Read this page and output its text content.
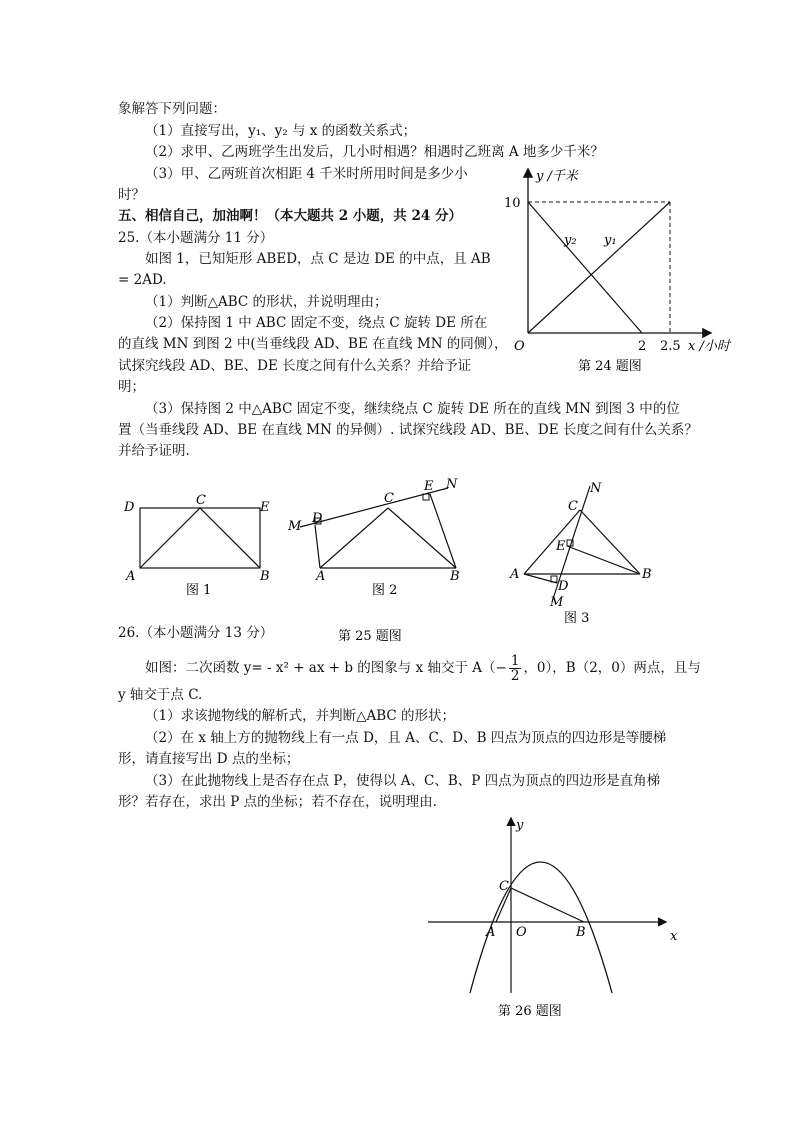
象解答下列问题：
（1）直接写出，y₁、y₂ 与 x 的函数关系式；
（2）求甲、乙两班学生出发后，几小时相遇？相遇时乙班离 A 地多少千米？
（3）甲、乙两班首次相距 4 千米时所用时间是多少小
时？
五、相信自己，加油啊！（本大题共 2 小题，共 24 分）
25.（本小题满分 11 分）
如图 1，已知矩形 ABED，点 C 是边 DE 的中点，且 AB
= 2AD.
（1）判断△ABC 的形状，并说明理由；
（2）保持图 1 中 ABC 固定不变，绕点 C 旋转 DE 所在
的直线 MN 到图 2 中(当垂线段 AD、BE 在直线 MN 的同侧），
试探究线段 AD、BE、DE 长度之间有什么关系？并给予证
明；
（3）保持图 2 中△ABC 固定不变，继续绕点 C 旋转 DE 所在的直线 MN 到图 3 中的位
置（当垂线段 AD、BE 在直线 MN 的异侧）. 试探究线段 AD、BE、DE 长度之间有什么关系？
并给予证明.
y /千米
10
O	2 2.5 x /小时
y₂ y₁
第 24 题图
D	C	E
A	B
图 1
M
D
C
E N
A	B
图 2
N
C
E
A	B
D
M
图 3
第 25 题图
26.（本小题满分 13 分）
如图：二次函数 y= - x² + ax + b 的图象与 x 轴交于 $A(- \frac{1}{2}$ ，0），B（2，0）两点，且与
y 轴交于点 C.
（1）求该抛物线的解析式，并判断△ABC 的形状；
（2）在 x 轴上方的抛物线上有一点 D，且 A、C、D、B 四点为顶点的四边形是等腰梯
形，请直接写出 D 点的坐标；
（3）在此抛物线上是否存在点 P，使得以 A、C、B、P 四点为顶点的四边形是直角梯
形？若存在，求出 P 点的坐标；若不存在，说明理由.
y
x
C
A O	B
第 26 题图
